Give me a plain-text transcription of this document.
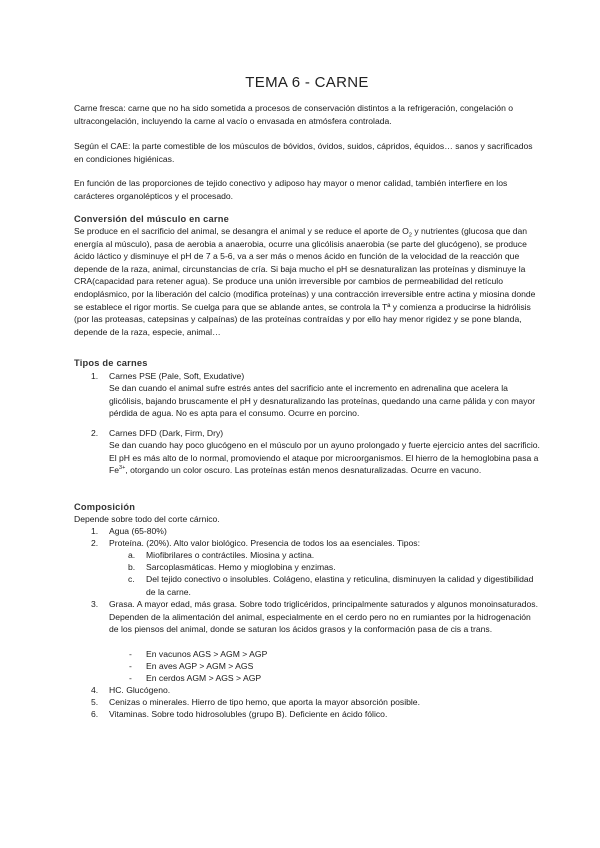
TEMA 6 - CARNE

Carne fresca: carne que no ha sido sometida a procesos de conservación distintos a la refrigeración, congelación o ultracongelación, incluyendo la carne al vacío o envasada en atmósfera controlada.

Según el CAE: la parte comestible de los músculos de bóvidos, óvidos, suidos, cápridos, équidos… sanos y sacrificados en condiciones higiénicas.

En función de las proporciones de tejido conectivo y adiposo hay mayor o menor calidad, también interfiere en los carácteres organolépticos y el procesado.

Conversión del músculo en carne

Se produce en el sacrificio del animal, se desangra el animal y se reduce el aporte de $O_2$ y nutrientes (glucosa que dan energía al músculo), pasa de aerobia a anaerobia, ocurre una glicólisis anaerobia (se parte del glucógeno), se produce ácido láctico y disminuye el pH de 7 a 5-6, va a ser más o menos ácido en función de la velocidad de la reacción que depende de la raza, animal, circunstancias de cría. Si baja mucho el pH se desnaturalizan las proteínas y disminuye la CRA(capacidad para retener agua). Se produce una unión irreversible por cambios de permeabilidad del retículo endoplásmico, por la liberación del calcio (modifica proteínas) y una contracción irreversible entre actina y miosina donde se establece el rigor mortis. Se cuelga para que se ablande antes, se controla la Tª y comienza a producirse la hidrólisis (por las proteasas, catepsinas y calpaínas) de las proteínas contraídas y por ello hay menor rigidez y se pone blanda, depende de la raza, especie, animal…

Tipos de carnes
1. Carnes PSE (Pale, Soft, Exudative)

Se dan cuando el animal sufre estrés antes del sacrificio ante el incremento en adrenalina que acelera la glicólisis, bajando bruscamente el pH y desnaturalizando las proteínas, quedando una carne pálida y con mayor pérdida de agua. No es apta para el consumo. Ocurre en porcino.

2. Carnes DFD (Dark, Firm, Dry)

Se dan cuando hay poco glucógeno en el músculo por un ayuno prolongado y fuerte ejercicio antes del sacrificio. El pH es más alto de lo normal, promoviendo el ataque por microorganismos. El hierro de la hemoglobina pasa a $Fe^{3+}$, otorgando un color oscuro. Las proteínas están menos desnaturalizadas. Ocurre en vacuno.

Composición

Depende sobre todo del corte cárnico.

1. Agua (65-80%)
2. Proteína. (20%). Alto valor biológico. Presencia de todos los aa esenciales. Tipos:
a. Miofibrilares o contráctiles. Miosina y actina.
b. Sarcoplasmáticas. Hemo y mioglobina y enzimas.
c. Del tejido conectivo o insolubles. Colágeno, elastina y reticulina, disminuyen la calidad y digestibilidad de la carne.
3. Grasa. A mayor edad, más grasa. Sobre todo triglicéridos, principalmente saturados y algunos monoinsaturados. Dependen de la alimentación del animal, especialmente en el cerdo pero no en rumiantes por la hidrogenación de los piensos del animal, donde se saturan los ácidos grasos y la conformación pasa de cis a trans.
- En vacunos AGS > AGM > AGP
- En aves AGP > AGM > AGS
- En cerdos AGM > AGS > AGP
4. HC. Glucógeno.
5. Cenizas o minerales. Hierro de tipo hemo, que aporta la mayor absorción posible.
6. Vitaminas. Sobre todo hidrosolubles (grupo B). Deficiente en ácido fólico.
